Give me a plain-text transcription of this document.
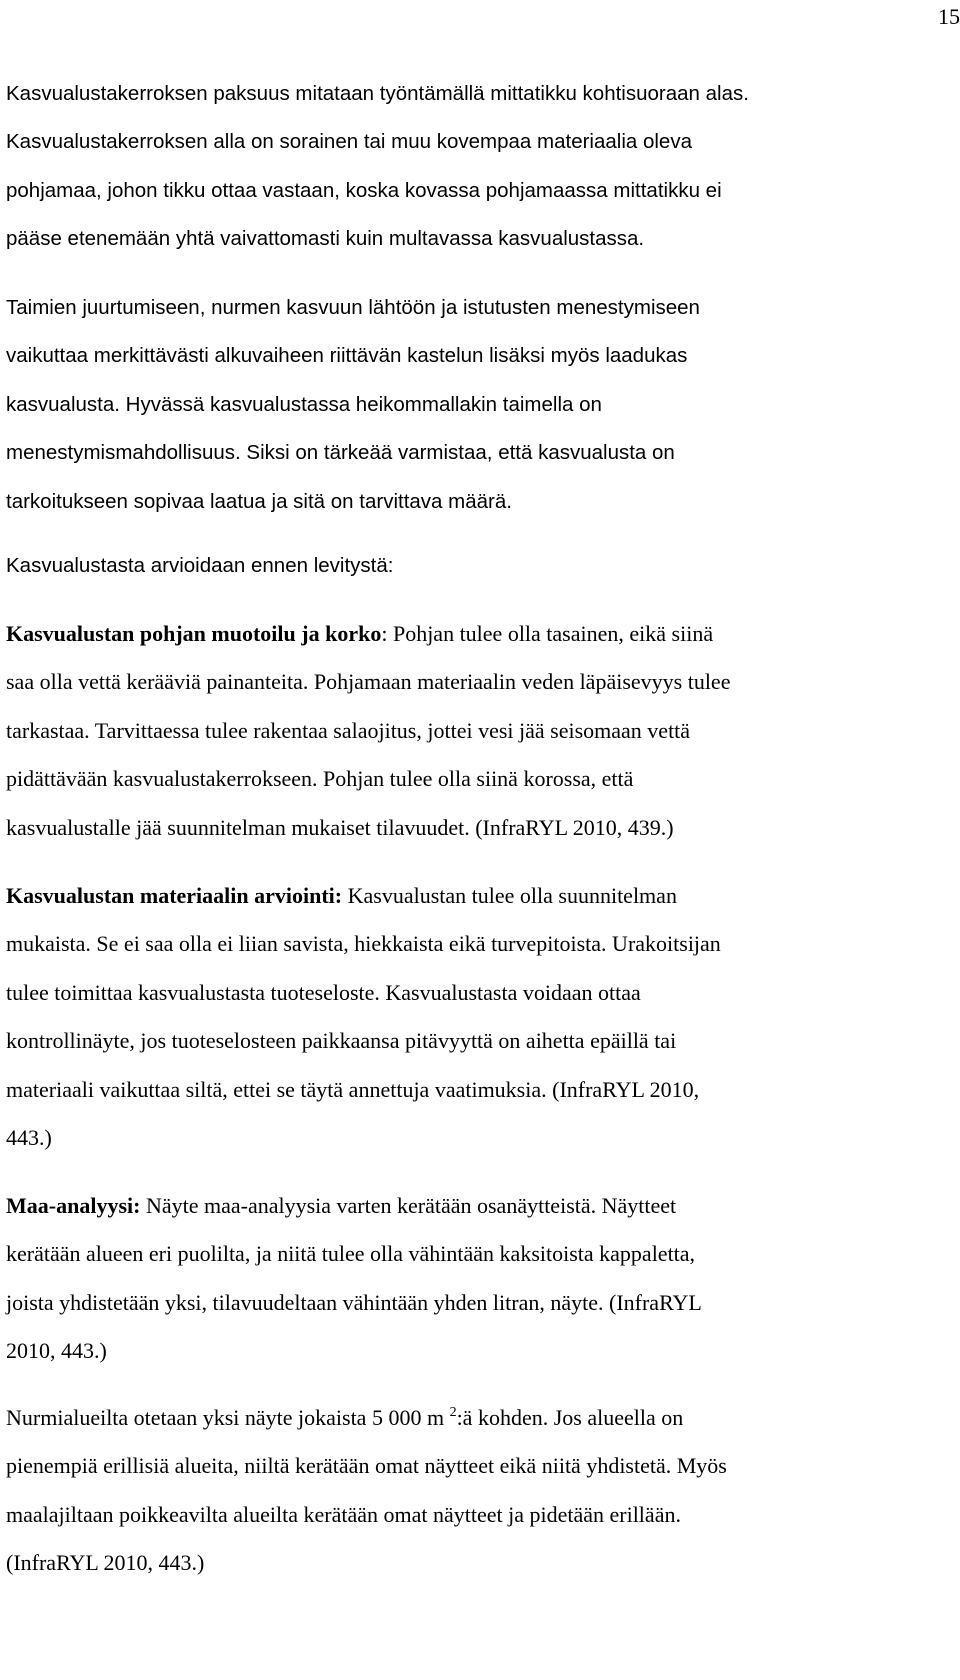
15

Kasvualustakerroksen paksuus mitataan työntämällä mittatikku kohtisuoraan alas.
Kasvualustakerroksen alla on sorainen tai muu kovempaa materiaalia oleva
pohjamaa, johon tikku ottaa vastaan, koska kovassa pohjamaassa mittatikku ei
pääse etenemään yhtä vaivattomasti kuin multavassa kasvualustassa.

Taimien juurtumiseen, nurmen kasvuun lähtöön ja istutusten menestymiseen
vaikuttaa merkittävästi alkuvaiheen riittävän kastelun lisäksi myös laadukas
kasvualusta. Hyvässä kasvualustassa heikommallakin taimella on
menestymismahdollisuus. Siksi on tärkeää varmistaa, että kasvualusta on
tarkoitukseen sopivaa laatua ja sitä on tarvittava määrä.

Kasvualustasta arvioidaan ennen levitystä:

Kasvualustan pohjan muotoilu ja korko: Pohjan tulee olla tasainen, eikä siinä
saa olla vettä kerääviä painanteita. Pohjamaan materiaalin veden läpäisevyys tulee
tarkastaa. Tarvittaessa tulee rakentaa salaojitus, jottei vesi jää seisomaan vettä
pidättävään kasvualustakerrokseen. Pohjan tulee olla siinä korossa, että
kasvualustalle jää suunnitelman mukaiset tilavuudet. (InfraRYL 2010, 439.)

Kasvualustan materiaalin arviointi: Kasvualustan tulee olla suunnitelman
mukaista. Se ei saa olla ei liian savista, hiekkaista eikä turvepitoista. Urakoitsijan
tulee toimittaa kasvualustasta tuoteseloste. Kasvualustasta voidaan ottaa
kontrollinäyte, jos tuoteselosteen paikkaansa pitävyyttä on aihetta epäillä tai
materiaali vaikuttaa siltä, ettei se täytä annettuja vaatimuksia. (InfraRYL 2010,
443.)

Maa-analyysi: Näyte maa-analyysia varten kerätään osanäytteistä. Näytteet
kerätään alueen eri puolilta, ja niitä tulee olla vähintään kaksitoista kappaletta,
joista yhdistetään yksi, tilavuudeltaan vähintään yhden litran, näyte. (InfraRYL
2010, 443.)

Nurmialueilta otetaan yksi näyte jokaista 5 000 m $^2$:ä kohden. Jos alueella on
pienempiä erillisiä alueita, niiltä kerätään omat näytteet eikä niitä yhdistetä. Myös
maalajiltaan poikkeavilta alueilta kerätään omat näytteet ja pidetään erillään.
(InfraRYL 2010, 443.)
